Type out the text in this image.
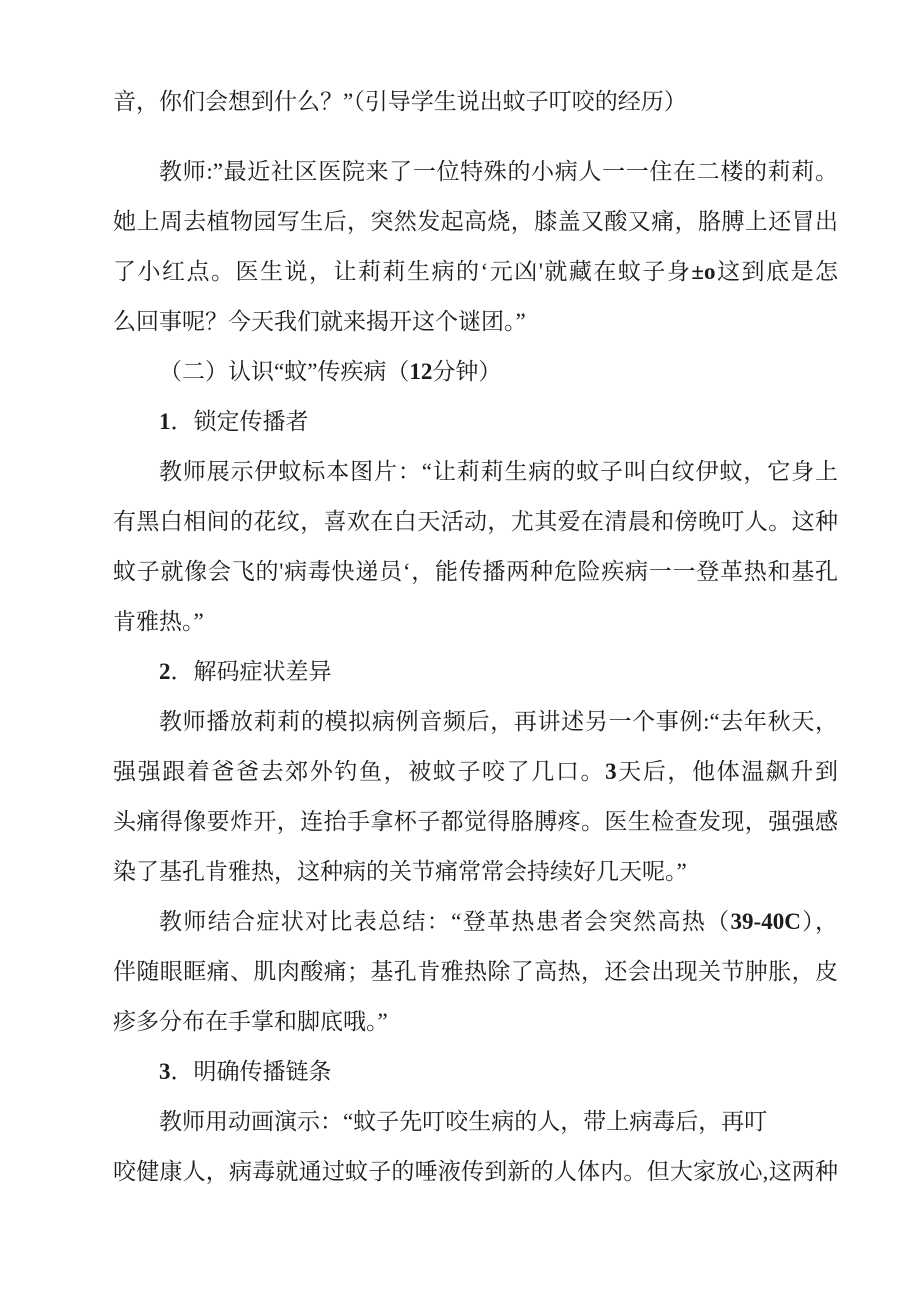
音，你们会想到什么？”（引导学生说出蚊子叮咬的经历）
教师:”最近社区医院来了一位特殊的小病人一一住在二楼的莉莉。
她上周去植物园写生后，突然发起高烧，膝盖又酸又痛，胳膊上还冒出
了小红点。医生说，让莉莉生病的‘元凶'就藏在蚊子身±o这到底是怎
么回事呢？今天我们就来揭开这个谜团。”
（二）认识“蚊”传疾病（12分钟）
1．锁定传播者
教师展示伊蚊标本图片：“让莉莉生病的蚊子叫白纹伊蚊，它身上
有黑白相间的花纹，喜欢在白天活动，尤其爱在清晨和傍晚叮人。这种
蚊子就像会飞的'病毒快递员‘，能传播两种危险疾病一一登革热和基孔
肯雅热。”
2．解码症状差异
教师播放莉莉的模拟病例音频后，再讲述另一个事例:“去年秋天，
强强跟着爸爸去郊外钓鱼，被蚊子咬了几口。3天后，他体温飙升到
头痛得像要炸开，连抬手拿杯子都觉得胳膊疼。医生检查发现，强强感
染了基孔肯雅热，这种病的关节痛常常会持续好几天呢。”
教师结合症状对比表总结：“登革热患者会突然高热（39-40C），
伴随眼眶痛、肌肉酸痛；基孔肯雅热除了高热，还会出现关节肿胀，皮
疹多分布在手掌和脚底哦。”
3．明确传播链条
教师用动画演示：“蚊子先叮咬生病的人，带上病毒后，再叮
咬健康人，病毒就通过蚊子的唾液传到新的人体内。但大家放心,这两种
